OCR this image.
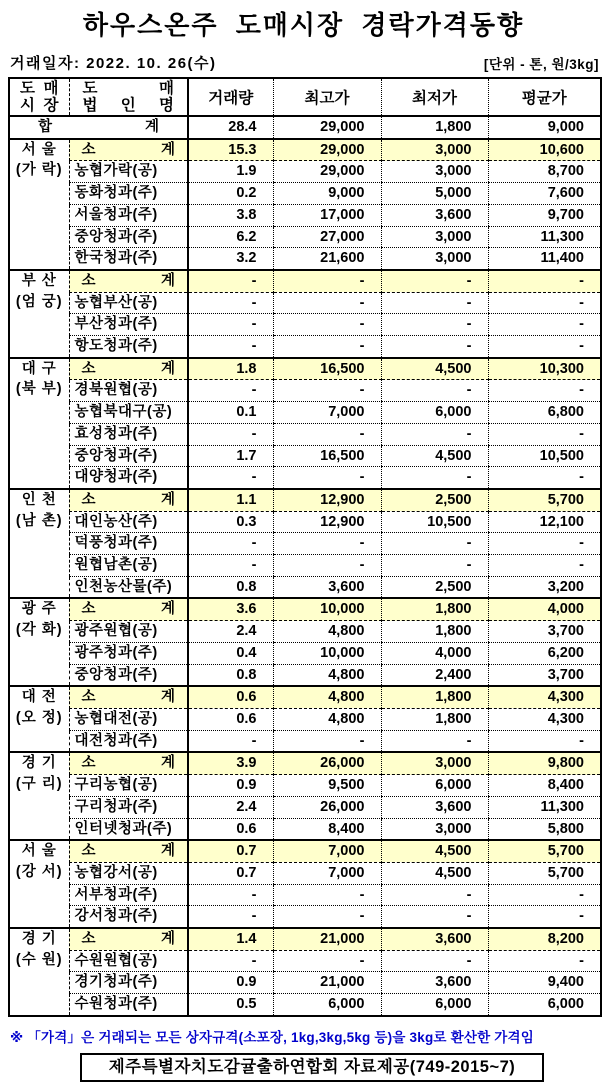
하우스온주 도매시장 경락가격동향
거래일자: 2022. 10. 26(수)	[단위 - 톤, 원/3kg]
도 매
시 장

도 매
법 인 명	거래량	최고가	최저가	평균가
합 계		28.4	29,000	1,800	9,000

서 울
(가 락)	소 계	15.3	29,000	3,000	10,600
	농협가락(공)	1.9	29,000	3,000	8,700
	동화청과(주)	0.2	9,000	5,000	7,600
	서울청과(주)	3.8	17,000	3,600	9,700
	중앙청과(주)	6.2	27,000	3,000	11,300
	한국청과(주)	3.2	21,600	3,000	11,400

부 산
(엄 궁)	소 계	-	-	-	-
	농협부산(공)	-	-	-	-
	부산청과(주)	-	-	-	-
	항도청과(주)	-	-	-	-

대 구
(북 부)	소 계	1.8	16,500	4,500	10,300
	경북원협(공)	-	-	-	-
	농협북대구(공)	0.1	7,000	6,000	6,800
	효성청과(주)	-	-	-	-
	중앙청과(주)	1.7	16,500	4,500	10,500
	대양청과(주)	-	-	-	-

인 천
(남 촌)	소 계	1.1	12,900	2,500	5,700
	대인농산(주)	0.3	12,900	10,500	12,100
	덕풍청과(주)	-	-	-	-
	원협남촌(공)	-	-	-	-
	인천농산물(주)	0.8	3,600	2,500	3,200

광 주
(각 화)	소 계	3.6	10,000	1,800	4,000
	광주원협(공)	2.4	4,800	1,800	3,700
	광주청과(주)	0.4	10,000	4,000	6,200
	중앙청과(주)	0.8	4,800	2,400	3,700

대 전
(오 정)	소 계	0.6	4,800	1,800	4,300
	농협대전(공)	0.6	4,800	1,800	4,300
	대전청과(주)	-	-	-	-

경 기
(구 리)	소 계	3.9	26,000	3,000	9,800
	구리농협(공)	0.9	9,500	6,000	8,400
	구리청과(주)	2.4	26,000	3,600	11,300
	인터넷청과(주)	0.6	8,400	3,000	5,800

서 울
(강 서)	소 계	0.7	7,000	4,500	5,700
	농협강서(공)	0.7	7,000	4,500	5,700
	서부청과(주)	-	-	-	-
	강서청과(주)	-	-	-	-

경 기
(수 원)	소 계	1.4	21,000	3,600	8,200
	수원원협(공)	-	-	-	-
	경기청과(주)	0.9	21,000	3,600	9,400
	수원청과(주)	0.5	6,000	6,000	6,000
※ 「가격」은 거래되는 모든 상자규격(소포장, 1kg,3kg,5kg 등)을 3kg로 환산한 가격임
제주특별자치도감귤출하연합회 자료제공(749-2015~7)
